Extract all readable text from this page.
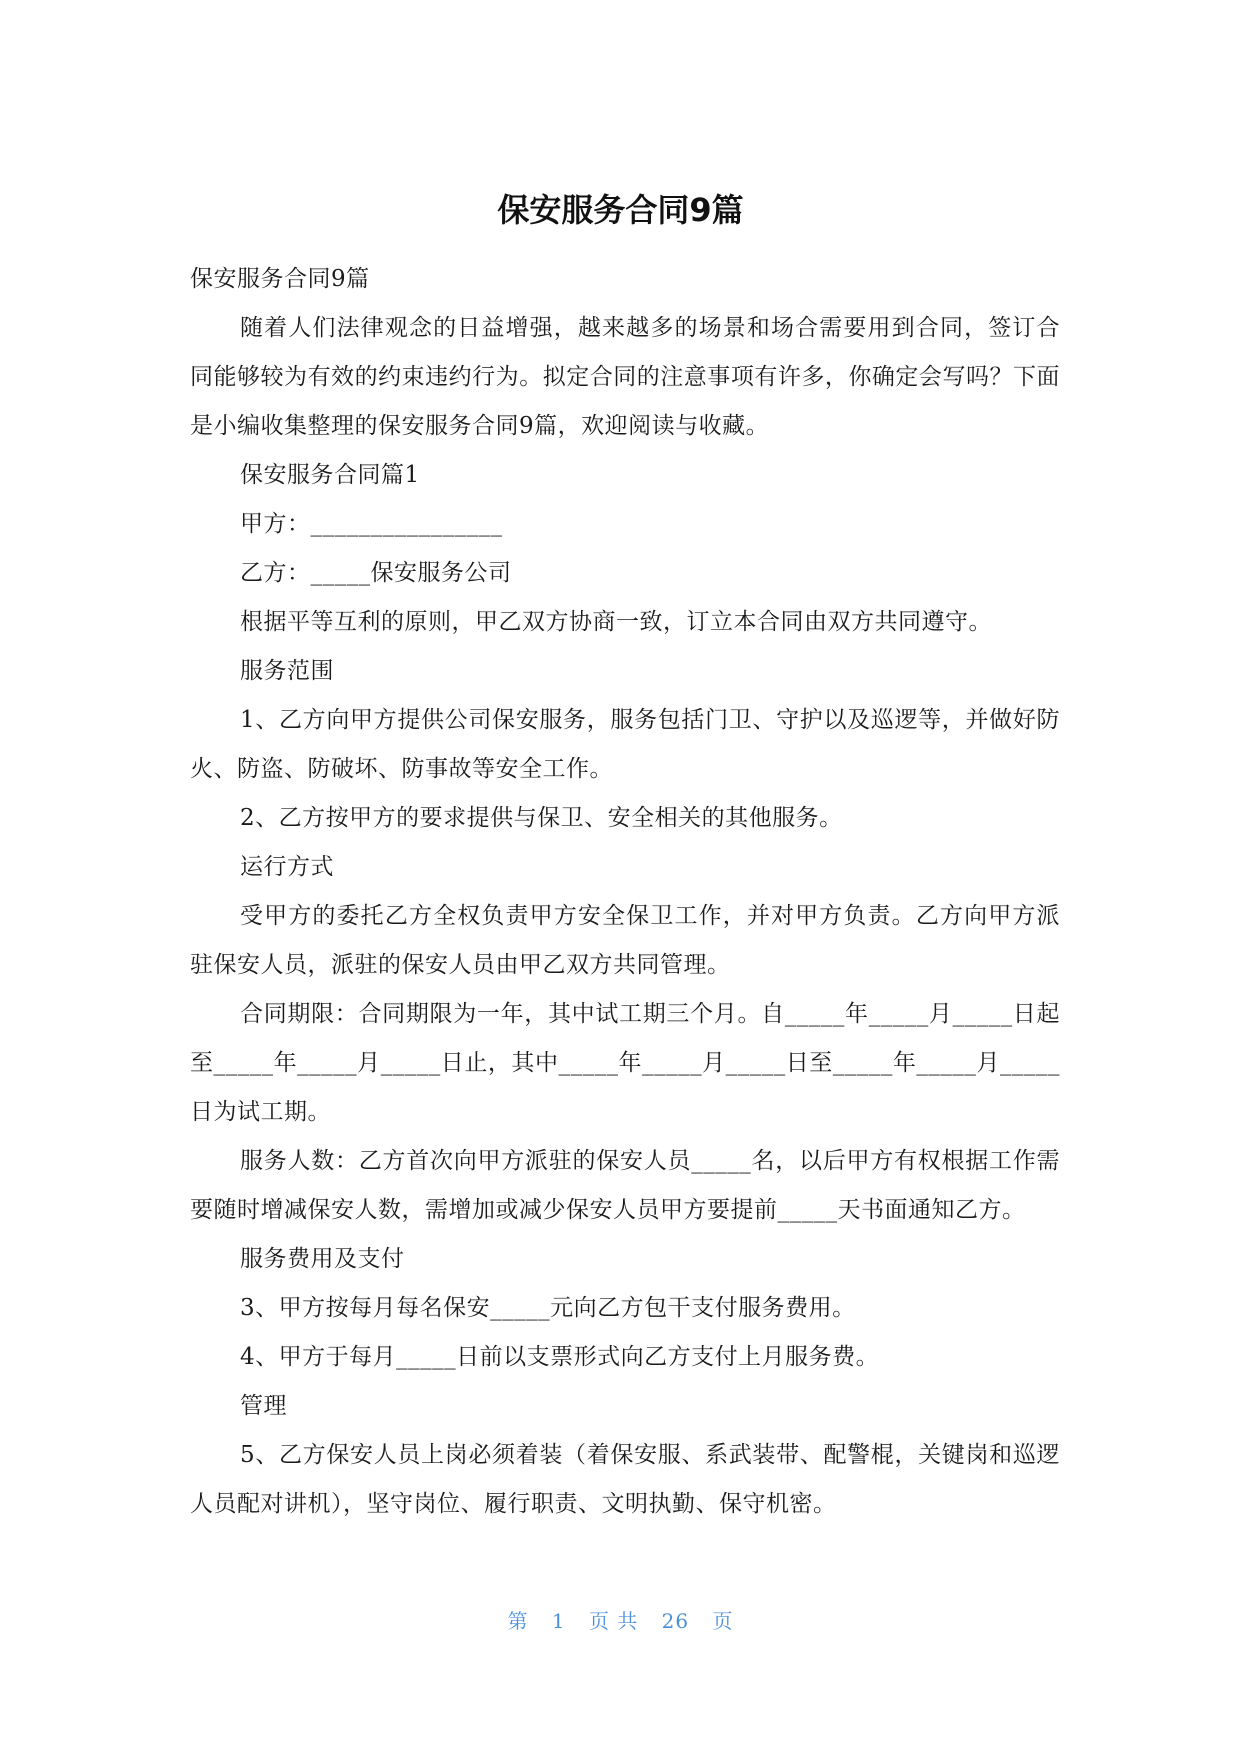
保安服务合同9篇

保安服务合同9篇

随着人们法律观念的日益增强，越来越多的场景和场合需要用到合同，签订合同能够较为有效的约束违约行为。拟定合同的注意事项有许多，你确定会写吗？下面是小编收集整理的保安服务合同9篇，欢迎阅读与收藏。

保安服务合同篇1

甲方：________________

乙方：_____保安服务公司

根据平等互利的原则，甲乙双方协商一致，订立本合同由双方共同遵守。

服务范围

1、乙方向甲方提供公司保安服务，服务包括门卫、守护以及巡逻等，并做好防火、防盗、防破坏、防事故等安全工作。

2、乙方按甲方的要求提供与保卫、安全相关的其他服务。

运行方式

受甲方的委托乙方全权负责甲方安全保卫工作，并对甲方负责。乙方向甲方派驻保安人员，派驻的保安人员由甲乙双方共同管理。

合同期限：合同期限为一年，其中试工期三个月。自_____年_____月_____日起至_____年_____月_____日止，其中_____年_____月_____日至_____年_____月_____日为试工期。

服务人数：乙方首次向甲方派驻的保安人员_____名，以后甲方有权根据工作需要随时增减保安人数，需增加或减少保安人员甲方要提前_____天书面通知乙方。

服务费用及支付

3、甲方按每月每名保安_____元向乙方包干支付服务费用。

4、甲方于每月_____日前以支票形式向乙方支付上月服务费。

管理

5、乙方保安人员上岗必须着装（着保安服、系武装带、配警棍，关键岗和巡逻人员配对讲机），坚守岗位、履行职责、文明执勤、保守机密。

第 1 页 共 26 页
